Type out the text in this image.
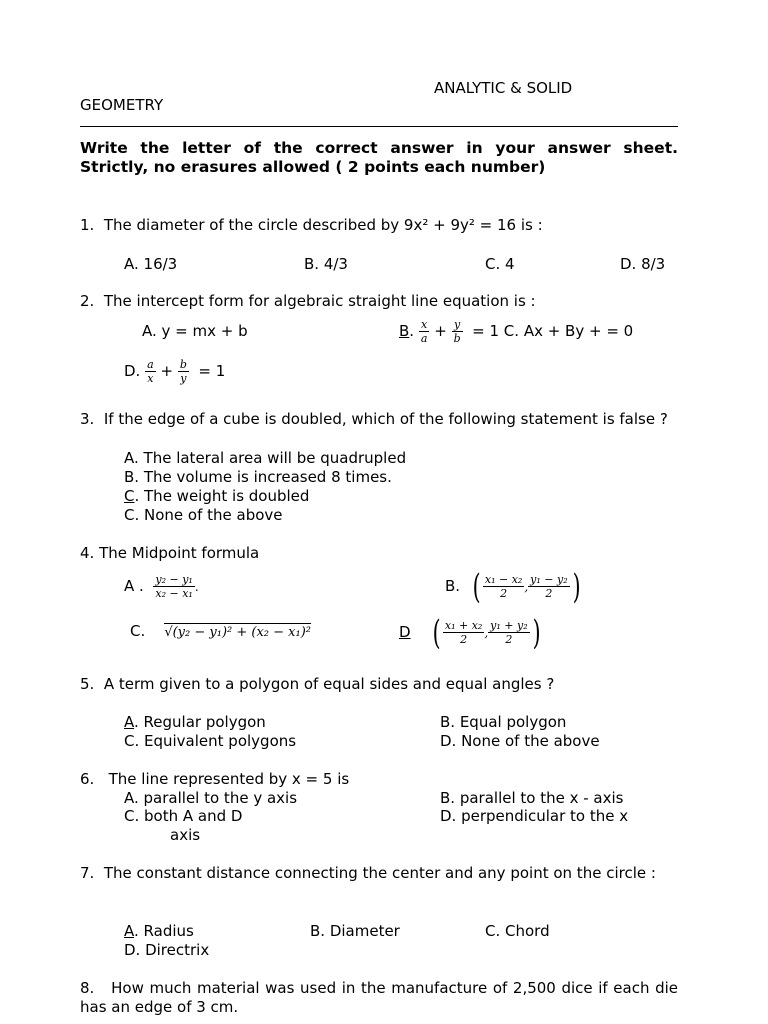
ANALYTIC & SOLID
GEOMETRY
Write the letter of the correct answer in your answer sheet. Strictly, no erasures allowed ( 2 points each number)
1. The diameter of the circle described by 9x² + 9y² = 16 is :
A. 16/3	B. 4/3	C. 4	D. 8/3
2. The intercept form for algebraic straight line equation is :
A. y = mx + b	B. $\frac{x}{a} + \frac{y}{b} = 1$ C. Ax + By + = 0
D. $\frac{a}{x} + \frac{b}{y} = 1$
3. If the edge of a cube is doubled, which of the following statement is false ?
A. The lateral area will be quadrupled
B. The volume is increased 8 times.
C. The weight is doubled
C. None of the above
4. The Midpoint formula
A . $\frac{\text{y₂ − y₁}}{\text{x₂ − x₁}}$ .	B. ( $\frac{\text{x₁ − x₂}}{2}$ , $\frac{\text{y₁ − y₂}}{2}$ )
C. √(y₂ − y₁)² + (x₂ − x₁)²	D ( $\frac{\text{x₁ + x₂}}{2}$ , $\frac{\text{y₁ + y₂}}{2}$ )
5. A term given to a polygon of equal sides and equal angles ?
A. Regular polygon	B. Equal polygon
C. Equivalent polygons	D. None of the above
6. The line represented by x = 5 is
A. parallel to the y axis	B. parallel to the x - axis
C. both A and D	D. perpendicular to the x
axis
7. The constant distance connecting the center and any point on the circle :
A. Radius	B. Diameter	C. Chord
D. Directrix
8. How much material was used in the manufacture of 2,500 dice if each die has an edge of 3 cm.
